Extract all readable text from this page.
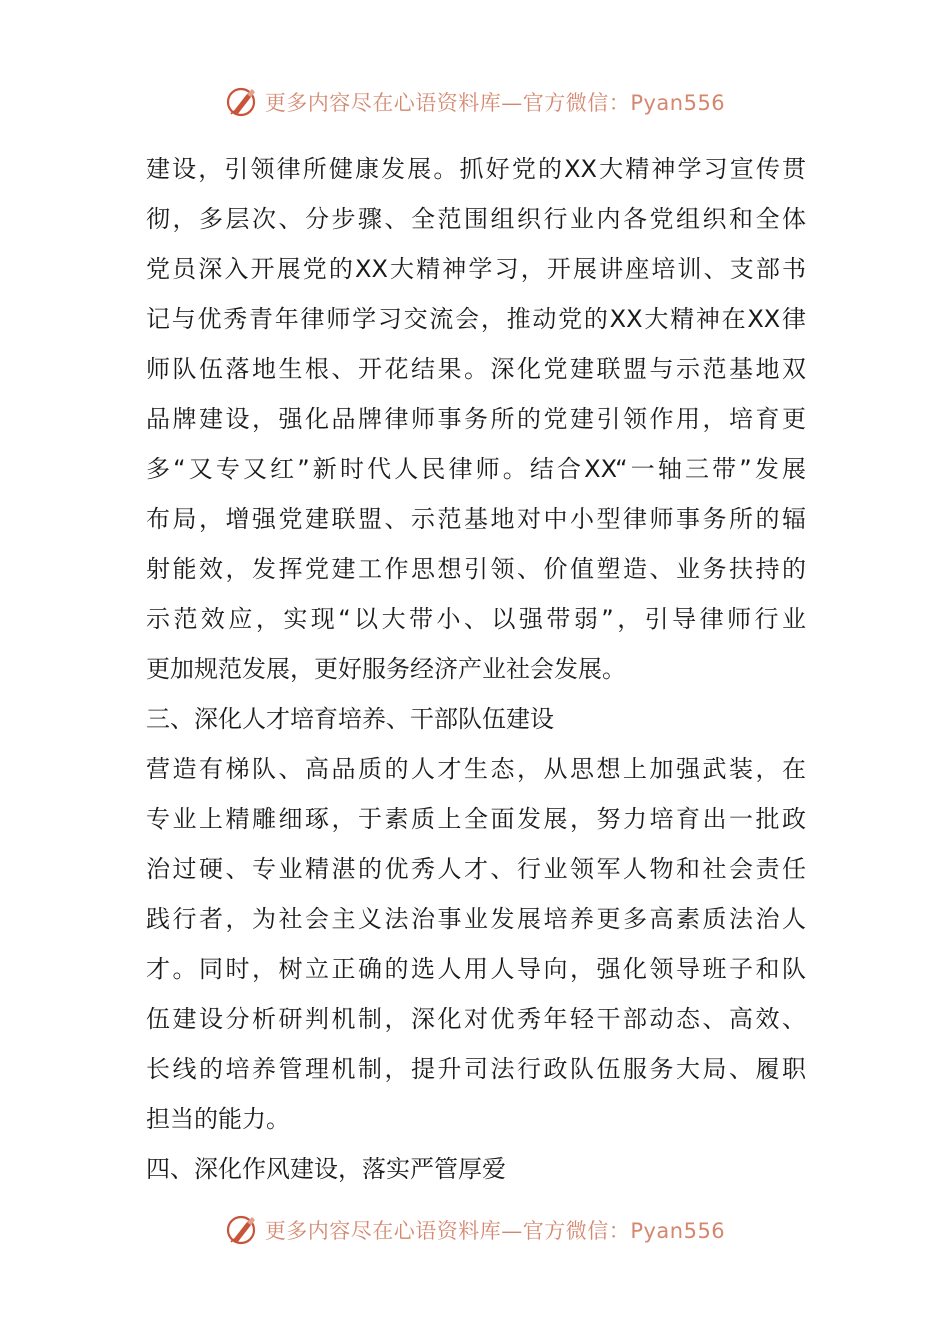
更多内容尽在心语资料库—官方微信：Pyan556
建设，引领律所健康发展。抓好党的XX大精神学习宣传贯
彻，多层次、分步骤、全范围组织行业内各党组织和全体
党员深入开展党的XX大精神学习，开展讲座培训、支部书
记与优秀青年律师学习交流会，推动党的XX大精神在XX律
师队伍落地生根、开花结果。深化党建联盟与示范基地双
品牌建设，强化品牌律师事务所的党建引领作用，培育更
多“又专又红”新时代人民律师。结合XX“一轴三带”发展
布局，增强党建联盟、示范基地对中小型律师事务所的辐
射能效，发挥党建工作思想引领、价值塑造、业务扶持的
示范效应，实现“以大带小、以强带弱”，引导律师行业
更加规范发展，更好服务经济产业社会发展。
三、深化人才培育培养、干部队伍建设
营造有梯队、高品质的人才生态，从思想上加强武装，在
专业上精雕细琢，于素质上全面发展，努力培育出一批政
治过硬、专业精湛的优秀人才、行业领军人物和社会责任
践行者，为社会主义法治事业发展培养更多高素质法治人
才。同时，树立正确的选人用人导向，强化领导班子和队
伍建设分析研判机制，深化对优秀年轻干部动态、高效、
长线的培养管理机制，提升司法行政队伍服务大局、履职
担当的能力。
四、深化作风建设，落实严管厚爱
更多内容尽在心语资料库—官方微信：Pyan556
